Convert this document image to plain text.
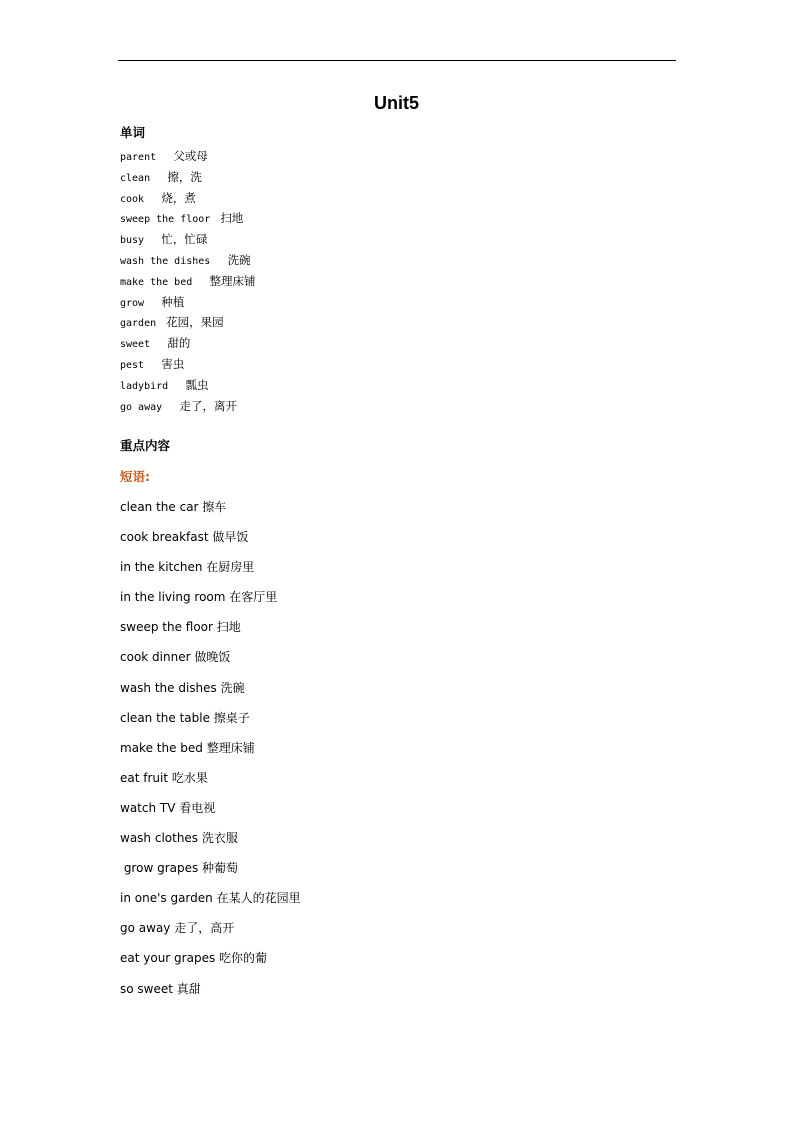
Unit5

单词

parent  父或母
clean  擦，洗
cook  烧，煮
sweep the floor 扫地
busy  忙，忙碌
wash the dishes  洗碗
make the bed  整理床铺
grow  种植
garden 花园，果园
sweet  甜的
pest  害虫
ladybird  瓢虫
go away  走了，离开

重点内容

短语:

clean the car 擦车
cook breakfast 做早饭
in the kitchen 在厨房里
in the living room 在客厅里
sweep the floor 扫地
cook dinner 做晚饭
wash the dishes 洗碗
clean the table 擦桌子
make the bed 整理床铺
eat fruit 吃水果
watch TV 看电视
wash clothes 洗衣服
grow grapes 种葡萄
in one's garden 在某人的花园里
go away 走了，高开
eat your grapes 吃你的葡
so sweet 真甜
